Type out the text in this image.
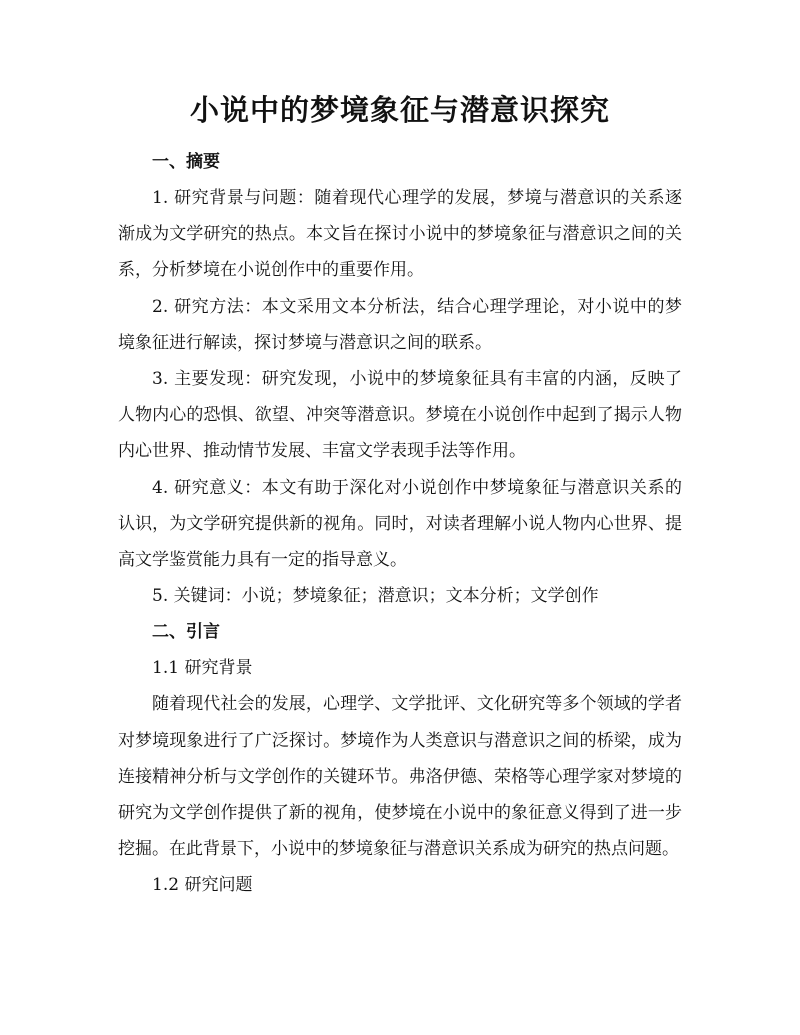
小说中的梦境象征与潜意识探究

一、摘要

1. 研究背景与问题：随着现代心理学的发展，梦境与潜意识的关系逐渐成为文学研究的热点。本文旨在探讨小说中的梦境象征与潜意识之间的关系，分析梦境在小说创作中的重要作用。

2. 研究方法：本文采用文本分析法，结合心理学理论，对小说中的梦境象征进行解读，探讨梦境与潜意识之间的联系。

3. 主要发现：研究发现，小说中的梦境象征具有丰富的内涵，反映了人物内心的恐惧、欲望、冲突等潜意识。梦境在小说创作中起到了揭示人物内心世界、推动情节发展、丰富文学表现手法等作用。

4. 研究意义：本文有助于深化对小说创作中梦境象征与潜意识关系的认识，为文学研究提供新的视角。同时，对读者理解小说人物内心世界、提高文学鉴赏能力具有一定的指导意义。

5. 关键词：小说；梦境象征；潜意识；文本分析；文学创作

二、引言

1.1 研究背景

随着现代社会的发展，心理学、文学批评、文化研究等多个领域的学者对梦境现象进行了广泛探讨。梦境作为人类意识与潜意识之间的桥梁，成为连接精神分析与文学创作的关键环节。弗洛伊德、荣格等心理学家对梦境的研究为文学创作提供了新的视角，使梦境在小说中的象征意义得到了进一步挖掘。在此背景下，小说中的梦境象征与潜意识关系成为研究的热点问题。

1.2 研究问题
